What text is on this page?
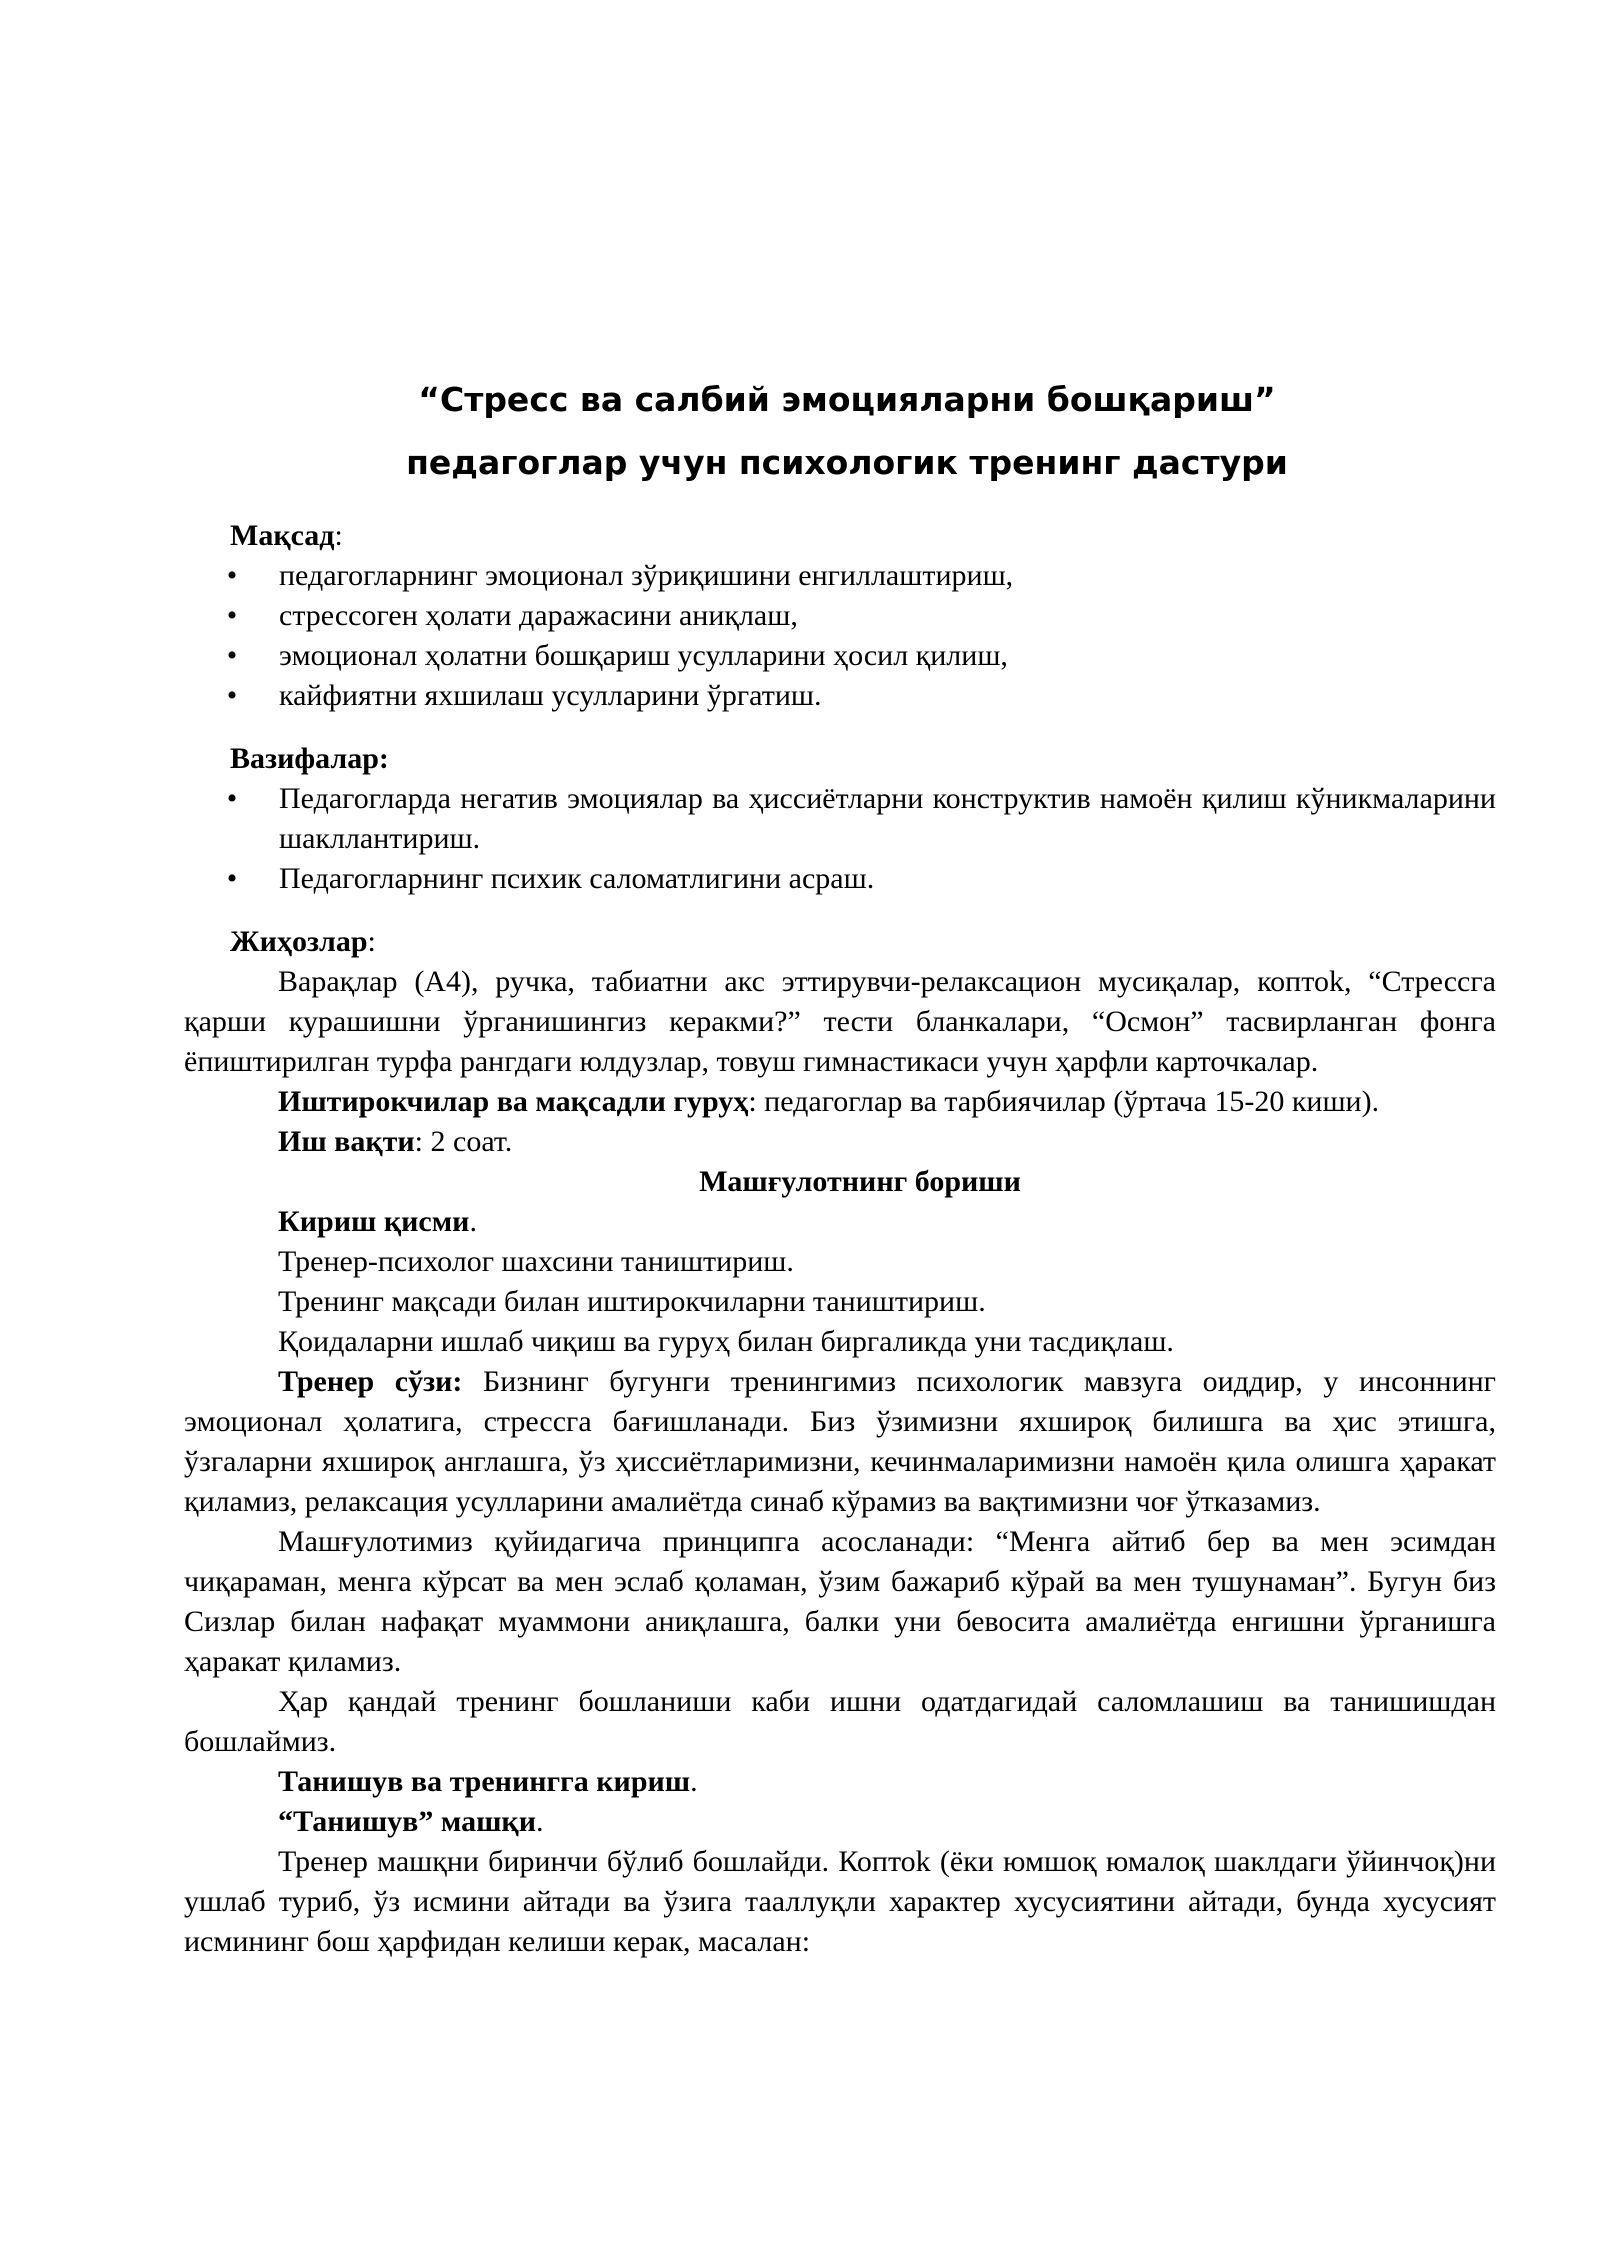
“Стресс ва салбий эмоцияларни бошқариш”
педагоглар учун психологик тренинг дастури
Мақсад:
• педагогларнинг эмоционал зўриқишини енгиллаштириш,
• стрессоген ҳолати даражасини аниқлаш,
• эмоционал ҳолатни бошқариш усулларини ҳосил қилиш,
• кайфиятни яхшилаш усулларини ўргатиш.
Вазифалар:
• Педагогларда негатив эмоциялар ва ҳиссиётларни конструктив намоён қилиш кўникмаларини шакллантириш.
• Педагогларнинг психик саломатлигини асраш.
Жиҳозлар:

Варақлар (А4), ручка, табиатни акс эттирувчи-релаксацион мусиқалар, коптоk, “Стрессга қарши курашишни ўрганишингиз керакми?” тести бланкалари, “Осмон” тасвирланган фонга ёпиштирилган турфа рангдаги юлдузлар, товуш гимнастикаси учун ҳарфли карточкалар.

Иштирокчилар ва мақсадли гуруҳ: педагоглар ва тарбиячилар (ўртача 15-20 киши).

Иш вақти: 2 соат.

Машғулотнинг бориши

Кириш қисми.

Тренер-психолог шахсини таништириш.

Тренинг мақсади билан иштирокчиларни таништириш.

Қоидаларни ишлаб чиқиш ва гуруҳ билан биргаликда уни тасдиқлаш.

Тренер сўзи: Бизнинг бугунги тренингимиз психологик мавзуга оиддир, у инсоннинг эмоционал ҳолатига, стрессга бағишланади. Биз ўзимизни яхшироқ билишга ва ҳис этишга, ўзгаларни яхшироқ англашга, ўз ҳиссиётларимизни, кечинмаларимизни намоён қила олишга ҳаракат қиламиз, релаксация усулларини амалиётда синаб кўрамиз ва вақтимизни чоғ ўтказамиз.

Машғулотимиз қуйидагича принципга асосланади: “Менга айтиб бер ва мен эсимдан чиқараман, менга кўрсат ва мен эслаб қоламан, ўзим бажариб кўрай ва мен тушунаман”. Бугун биз Сизлар билан нафақат муаммони аниқлашга, балки уни бевосита амалиётда енгишни ўрганишга ҳаракат қиламиз.

Ҳар қандай тренинг бошланиши каби ишни одатдагидай саломлашиш ва танишишдан бошлаймиз.

Танишув ва тренингга кириш.

“Танишув” машқи.

Тренер машқни биринчи бўлиб бошлайди. Коптоk (ёки юмшоқ юмалоқ шаклдаги ўйинчоқ)ни ушлаб туриб, ўз исмини айтади ва ўзига тааллуқли характер хусусиятини айтади, бунда хусусият исмининг бош ҳарфидан келиши керак, масалан:
